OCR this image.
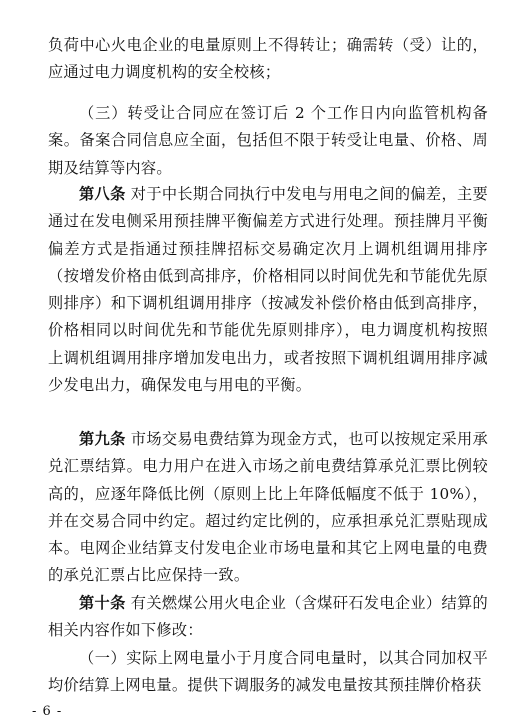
负荷中心火电企业的电量原则上不得转让；确需转（受）让的，应通过电力调度机构的安全校核；
（三）转受让合同应在签订后 2 个工作日内向监管机构备案。备案合同信息应全面，包括但不限于转受让电量、价格、周期及结算等内容。
第八条 对于中长期合同执行中发电与用电之间的偏差，主要通过在发电侧采用预挂牌平衡偏差方式进行处理。预挂牌月平衡偏差方式是指通过预挂牌招标交易确定次月上调机组调用排序（按增发价格由低到高排序，价格相同以时间优先和节能优先原则排序）和下调机组调用排序（按减发补偿价格由低到高排序，价格相同以时间优先和节能优先原则排序），电力调度机构按照上调机组调用排序增加发电出力，或者按照下调机组调用排序减少发电出力，确保发电与用电的平衡。
第九条 市场交易电费结算为现金方式，也可以按规定采用承兑汇票结算。电力用户在进入市场之前电费结算承兑汇票比例较高的，应逐年降低比例（原则上比上年降低幅度不低于 10%），并在交易合同中约定。超过约定比例的，应承担承兑汇票贴现成本。电网企业结算支付发电企业市场电量和其它上网电量的电费的承兑汇票占比应保持一致。
第十条 有关燃煤公用火电企业（含煤矸石发电企业）结算的相关内容作如下修改：
（一）实际上网电量小于月度合同电量时，以其合同加权平均价结算上网电量。提供下调服务的减发电量按其预挂牌价格获
- 6 -
